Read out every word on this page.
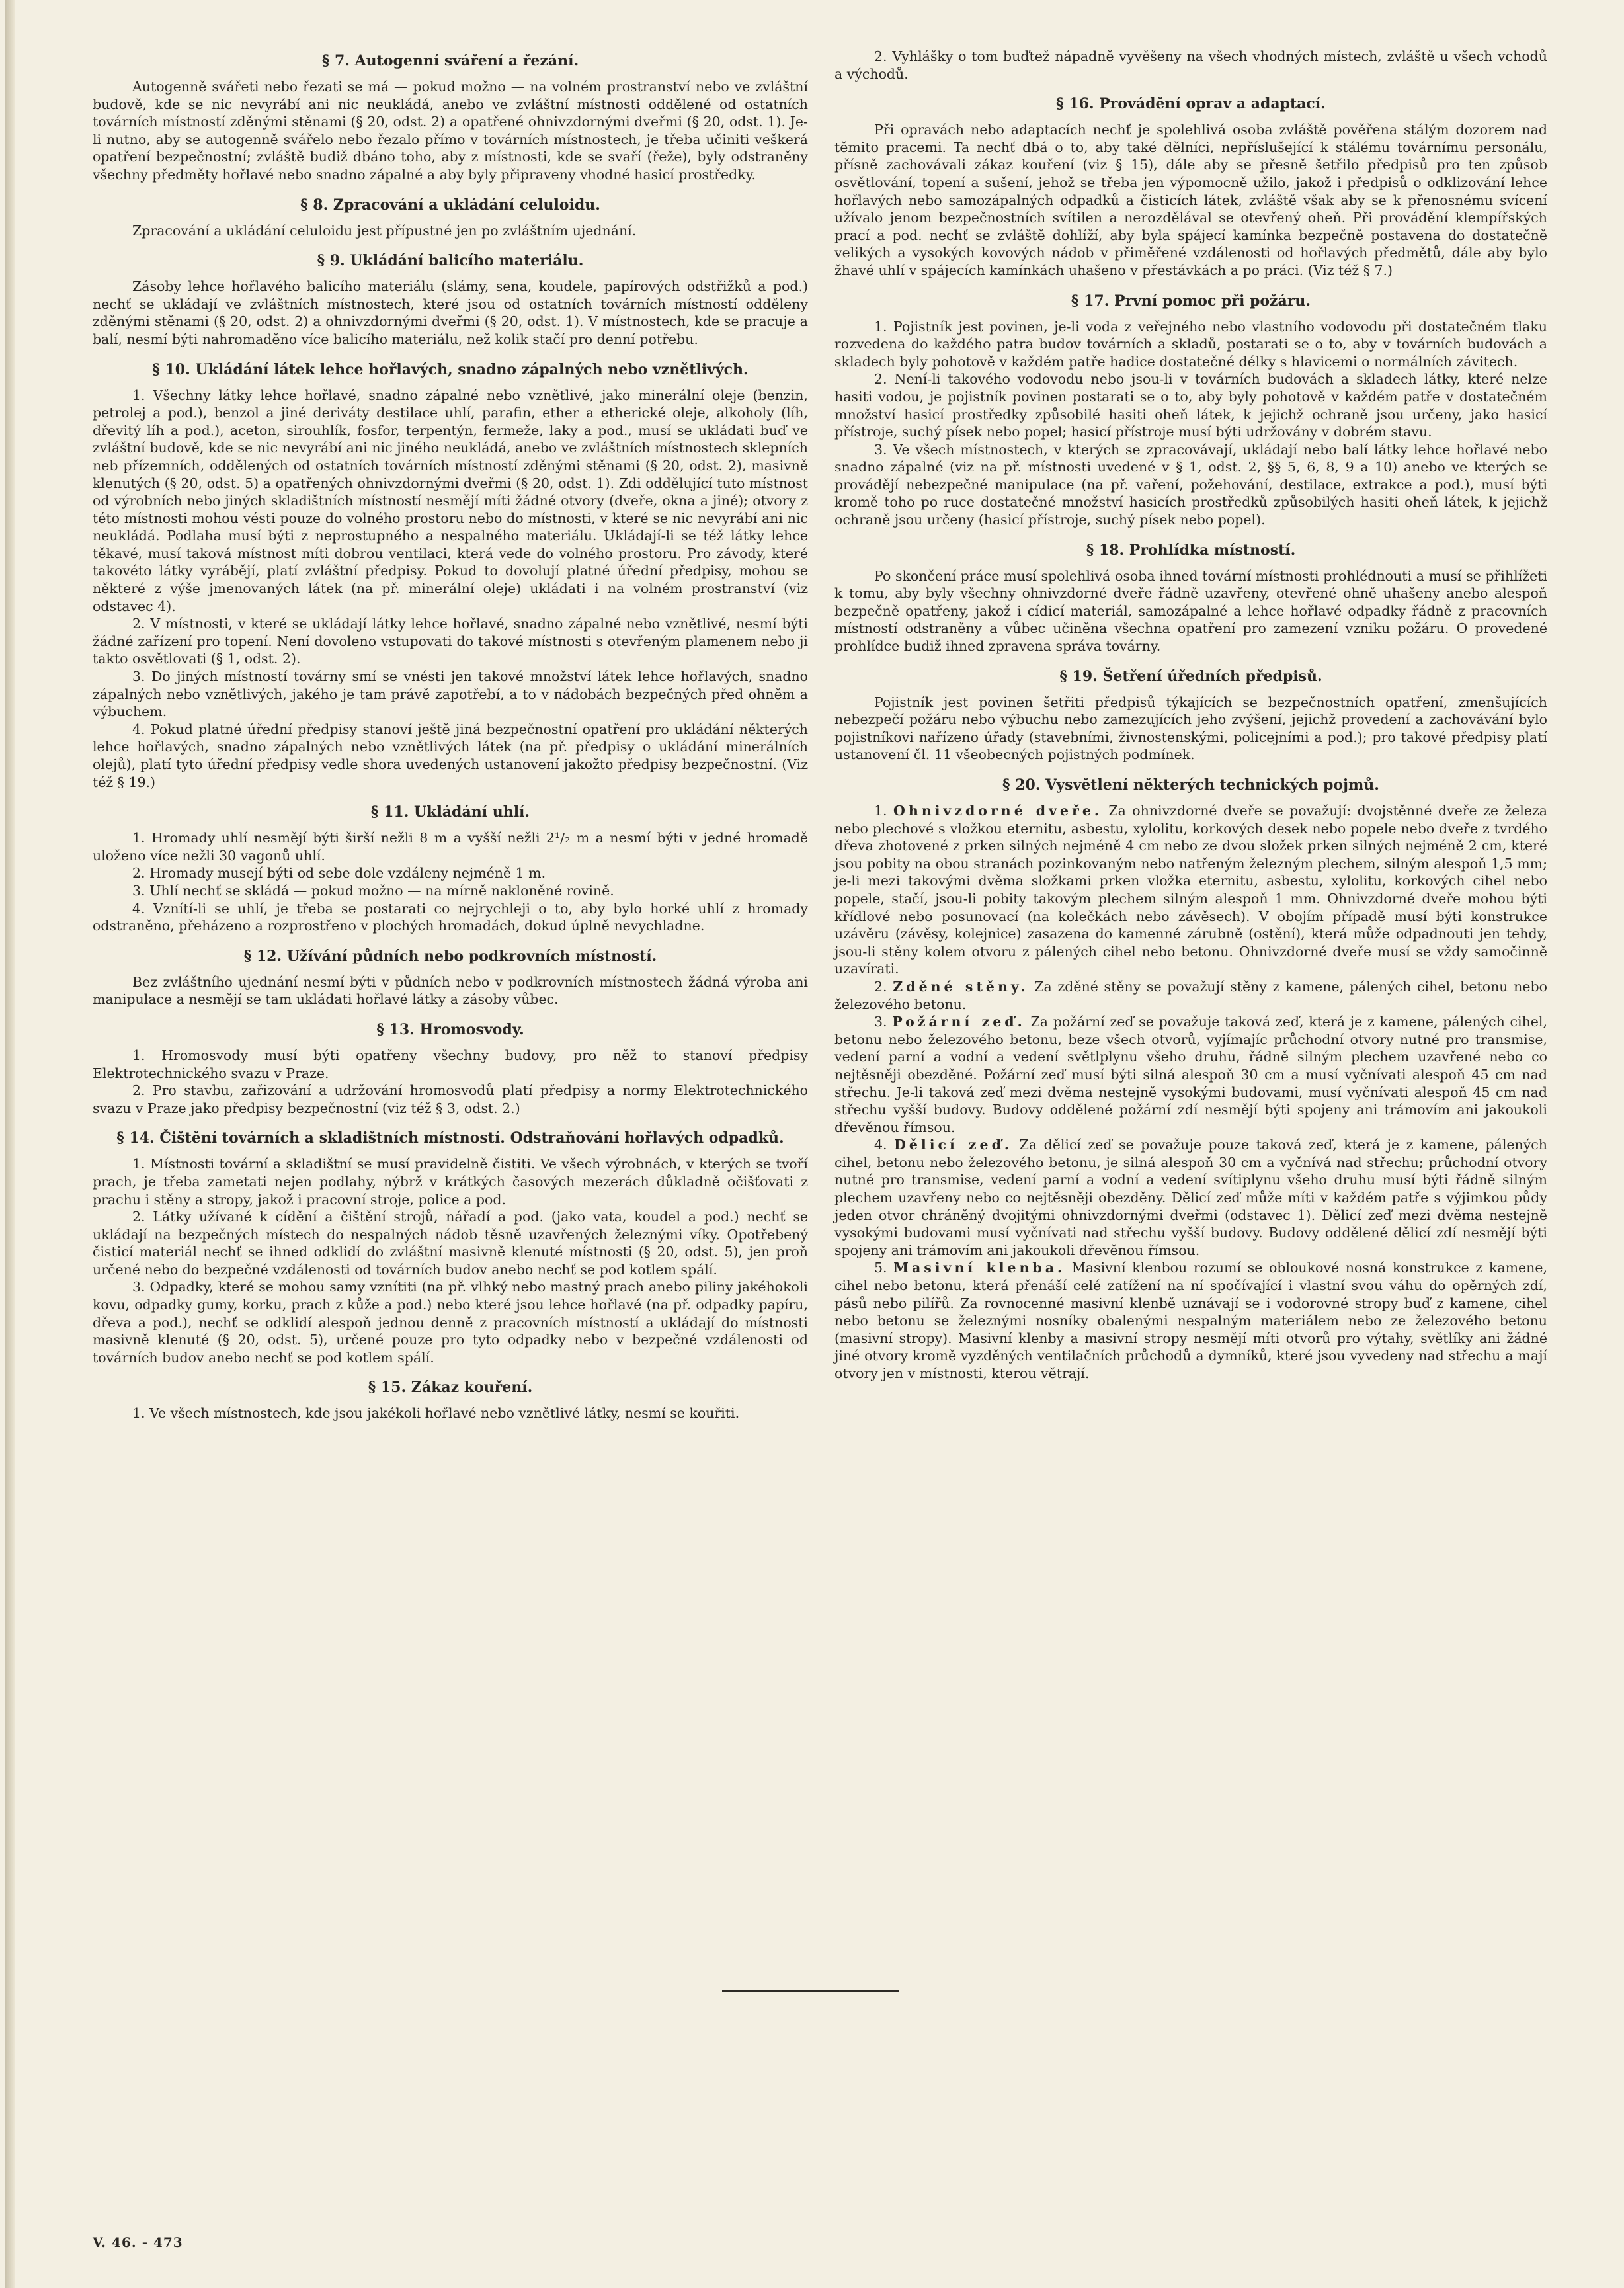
§ 7. Autogenní sváření a řezání.

Autogenně svářeti nebo řezati se má — pokud možno — na volném prostranství nebo ve zvláštní budově, kde se nic nevyrábí ani nic neukládá, anebo ve zvláštní místnosti oddělené od ostatních továrních místností zděnými stěnami (§ 20, odst. 2) a opatřené ohnivzdornými dveřmi (§ 20, odst. 1). Je-li nutno, aby se autogenně svářelo nebo řezalo přímo v továrních místnostech, je třeba učiniti veškerá opatření bezpečnostní; zvláště budiž dbáno toho, aby z místnosti, kde se svaří (řeže), byly odstraněny všechny předměty hořlavé nebo snadno zápalné a aby byly připraveny vhodné hasicí prostředky.

§ 8. Zpracování a ukládání celuloidu.

Zpracování a ukládání celuloidu jest přípustné jen po zvláštním ujednání.

§ 9. Ukládání balicího materiálu.

Zásoby lehce hořlavého balicího materiálu (slámy, sena, koudele, papírových odstřižků a pod.) nechť se ukládají ve zvláštních místnostech, které jsou od ostatních továrních místností odděleny zděnými stěnami (§ 20, odst. 2) a ohnivzdornými dveřmi (§ 20, odst. 1). V místnostech, kde se pracuje a balí, nesmí býti nahromaděno více balicího materiálu, než kolik stačí pro denní potřebu.

§ 10. Ukládání látek lehce hořlavých, snadno zápalných nebo vznětlivých.

1. Všechny látky lehce hořlavé, snadno zápalné nebo vznětlivé, jako minerální oleje (benzin, petrolej a pod.), benzol a jiné deriváty destilace uhlí, parafin, ether a etherické oleje, alkoholy (líh, dřevitý líh a pod.), aceton, sirouhlík, fosfor, terpentýn, fermeže, laky a pod., musí se ukládati buď ve zvláštní budově, kde se nic nevyrábí ani nic jiného neukládá, anebo ve zvláštních místnostech sklepních neb přízemních, oddělených od ostatních továrních místností zděnými stěnami (§ 20, odst. 2), masivně klenutých (§ 20, odst. 5) a opatřených ohnivzdornými dveřmi (§ 20, odst. 1). Zdi oddělující tuto místnost od výrobních nebo jiných skladištních místností nesmějí míti žádné otvory (dveře, okna a jiné); otvory z této místnosti mohou vésti pouze do volného prostoru nebo do místnosti, v které se nic nevyrábí ani nic neukládá. Podlaha musí býti z neprostupného a nespalného materiálu. Ukládají-li se též látky lehce těkavé, musí taková místnost míti dobrou ventilaci, která vede do volného prostoru. Pro závody, které takovéto látky vyrábějí, platí zvláštní předpisy. Pokud to dovolují platné úřední předpisy, mohou se některé z výše jmenovaných látek (na př. minerální oleje) ukládati i na volném prostranství (viz odstavec 4).

2. V místnosti, v které se ukládají látky lehce hořlavé, snadno zápalné nebo vznětlivé, nesmí býti žádné zařízení pro topení. Není dovoleno vstupovati do takové místnosti s otevřeným plamenem nebo ji takto osvětlovati (§ 1, odst. 2).

3. Do jiných místností továrny smí se vnésti jen takové množství látek lehce hořlavých, snadno zápalných nebo vznětlivých, jakého je tam právě zapotřebí, a to v nádobách bezpečných před ohněm a výbuchem.

4. Pokud platné úřední předpisy stanoví ještě jiná bezpečnostní opatření pro ukládání některých lehce hořlavých, snadno zápalných nebo vznětlivých látek (na př. předpisy o ukládání minerálních olejů), platí tyto úřední předpisy vedle shora uvedených ustanovení jakožto předpisy bezpečnostní. (Viz též § 19.)

§ 11. Ukládání uhlí.

1. Hromady uhlí nesmějí býti širší nežli 8 m a vyšší nežli 2¹/₂ m a nesmí býti v jedné hromadě uloženo více nežli 30 vagonů uhlí.

2. Hromady musejí býti od sebe dole vzdáleny nejméně 1 m.

3. Uhlí nechť se skládá — pokud možno — na mírně nakloněné rovině.

4. Vznítí-li se uhlí, je třeba se postarati co nejrychleji o to, aby bylo horké uhlí z hromady odstraněno, přeházeno a rozprostřeno v plochých hromadách, dokud úplně nevychladne.

§ 12. Užívání půdních nebo podkrovních místností.

Bez zvláštního ujednání nesmí býti v půdních nebo v podkrovních místnostech žádná výroba ani manipulace a nesmějí se tam ukládati hořlavé látky a zásoby vůbec.

§ 13. Hromosvody.

1. Hromosvody musí býti opatřeny všechny budovy, pro něž to stanoví předpisy Elektrotechnického svazu v Praze.

2. Pro stavbu, zařizování a udržování hromosvodů platí předpisy a normy Elektrotechnického svazu v Praze jako předpisy bezpečnostní (viz též § 3, odst. 2.)

§ 14. Čištění továrních a skladištních místností. Odstraňování hořlavých odpadků.

1. Místnosti tovární a skladištní se musí pravidelně čistiti. Ve všech výrobnách, v kterých se tvoří prach, je třeba zametati nejen podlahy, nýbrž v krátkých časových mezerách důkladně očišťovati z prachu i stěny a stropy, jakož i pracovní stroje, police a pod.

2. Látky užívané k cídění a čištění strojů, nářadí a pod. (jako vata, koudel a pod.) nechť se ukládají na bezpečných místech do nespalných nádob těsně uzavřených železnými víky. Opotřebený čisticí materiál nechť se ihned odklidí do zvláštní masivně klenuté místnosti (§ 20, odst. 5), jen proň určené nebo do bezpečné vzdálenosti od továrních budov anebo nechť se pod kotlem spálí.

3. Odpadky, které se mohou samy vznítiti (na př. vlhký nebo mastný prach anebo piliny jakéhokoli kovu, odpadky gumy, korku, prach z kůže a pod.) nebo které jsou lehce hořlavé (na př. odpadky papíru, dřeva a pod.), nechť se odklidí alespoň jednou denně z pracovních místností a ukládají do místnosti masivně klenuté (§ 20, odst. 5), určené pouze pro tyto odpadky nebo v bezpečné vzdálenosti od továrních budov anebo nechť se pod kotlem spálí.

§ 15. Zákaz kouření.

1. Ve všech místnostech, kde jsou jakékoli hořlavé nebo vznětlivé látky, nesmí se kouřiti.

2. Vyhlášky o tom buďtež nápadně vyvěšeny na všech vhodných místech, zvláště u všech vchodů a východů.

§ 16. Provádění oprav a adaptací.

Při opravách nebo adaptacích nechť je spolehlivá osoba zvláště pověřena stálým dozorem nad těmito pracemi. Ta nechť dbá o to, aby také dělníci, nepříslušející k stálému továrnímu personálu, přísně zachovávali zákaz kouření (viz § 15), dále aby se přesně šetřilo předpisů pro ten způsob osvětlování, topení a sušení, jehož se třeba jen výpomocně užilo, jakož i předpisů o odklizování lehce hořlavých nebo samozápalných odpadků a čisticích látek, zvláště však aby se k přenosnému svícení užívalo jenom bezpečnostních svítilen a nerozdělával se otevřený oheň. Při provádění klempířských prací a pod. nechť se zvláště dohlíží, aby byla spájecí kamínka bezpečně postavena do dostatečně velikých a vysokých kovových nádob v přiměřené vzdálenosti od hořlavých předmětů, dále aby bylo žhavé uhlí v spájecích kamínkách uhašeno v přestávkách a po práci. (Viz též § 7.)

§ 17. První pomoc při požáru.

1. Pojistník jest povinen, je-li voda z veřejného nebo vlastního vodovodu při dostatečném tlaku rozvedena do každého patra budov továrních a skladů, postarati se o to, aby v továrních budovách a skladech byly pohotově v každém patře hadice dostatečné délky s hlavicemi o normálních závitech.

2. Není-li takového vodovodu nebo jsou-li v továrních budovách a skladech látky, které nelze hasiti vodou, je pojistník povinen postarati se o to, aby byly pohotově v každém patře v dostatečném množství hasicí prostředky způsobilé hasiti oheň látek, k jejichž ochraně jsou určeny, jako hasicí přístroje, suchý písek nebo popel; hasicí přístroje musí býti udržovány v dobrém stavu.

3. Ve všech místnostech, v kterých se zpracovávají, ukládají nebo balí látky lehce hořlavé nebo snadno zápalné (viz na př. místnosti uvedené v § 1, odst. 2, §§ 5, 6, 8, 9 a 10) anebo ve kterých se provádějí nebezpečné manipulace (na př. vaření, požehování, destilace, extrakce a pod.), musí býti kromě toho po ruce dostatečné množství hasicích prostředků způsobilých hasiti oheň látek, k jejichž ochraně jsou určeny (hasicí přístroje, suchý písek nebo popel).

§ 18. Prohlídka místností.

Po skončení práce musí spolehlivá osoba ihned tovární místnosti prohlédnouti a musí se přihlížeti k tomu, aby byly všechny ohnivzdorné dveře řádně uzavřeny, otevřené ohně uhašeny anebo alespoň bezpečně opatřeny, jakož i cídicí materiál, samozápalné a lehce hořlavé odpadky řádně z pracovních místností odstraněny a vůbec učiněna všechna opatření pro zamezení vzniku požáru. O provedené prohlídce budiž ihned zpravena správa továrny.

§ 19. Šetření úředních předpisů.

Pojistník jest povinen šetřiti předpisů týkajících se bezpečnostních opatření, zmenšujících nebezpečí požáru nebo výbuchu nebo zamezujících jeho zvýšení, jejichž provedení a zachovávání bylo pojistníkovi nařízeno úřady (stavebními, živnostenskými, policejními a pod.); pro takové předpisy platí ustanovení čl. 11 všeobecných pojistných podmínek.

§ 20. Vysvětlení některých technických pojmů.

1. Ohnivzdorné dveře. Za ohnivzdorné dveře se považují: dvojstěnné dveře ze železa nebo plechové s vložkou eternitu, asbestu, xylolitu, korkových desek nebo popele nebo dveře z tvrdého dřeva zhotovené z prken silných nejméně 4 cm nebo ze dvou složek prken silných nejméně 2 cm, které jsou pobity na obou stranách pozinkovaným nebo natřeným železným plechem, silným alespoň 1,5 mm; je-li mezi takovými dvěma složkami prken vložka eternitu, asbestu, xylolitu, korkových cihel nebo popele, stačí, jsou-li pobity takovým plechem silným alespoň 1 mm. Ohnivzdorné dveře mohou býti křídlové nebo posunovací (na kolečkách nebo závěsech). V obojím případě musí býti konstrukce uzávěru (závěsy, kolejnice) zasazena do kamenné zárubně (ostění), která může odpadnouti jen tehdy, jsou-li stěny kolem otvoru z pálených cihel nebo betonu. Ohnivzdorné dveře musí se vždy samočinně uzavírati.

2. Zděné stěny. Za zděné stěny se považují stěny z kamene, pálených cihel, betonu nebo železového betonu.

3. Požární zeď. Za požární zeď se považuje taková zeď, která je z kamene, pálených cihel, betonu nebo železového betonu, beze všech otvorů, vyjímajíc průchodní otvory nutné pro transmise, vedení parní a vodní a vedení světlplynu všeho druhu, řádně silným plechem uzavřené nebo co nejtěsněji obezděné. Požární zeď musí býti silná alespoň 30 cm a musí vyčnívati alespoň 45 cm nad střechu. Je-li taková zeď mezi dvěma nestejně vysokými budovami, musí vyčnívati alespoň 45 cm nad střechu vyšší budovy. Budovy oddělené požární zdí nesmějí býti spojeny ani trámovím ani jakoukoli dřevěnou římsou.

4. Dělicí zeď. Za dělicí zeď se považuje pouze taková zeď, která je z kamene, pálených cihel, betonu nebo železového betonu, je silná alespoň 30 cm a vyčnívá nad střechu; průchodní otvory nutné pro transmise, vedení parní a vodní a vedení svítiplynu všeho druhu musí býti řádně silným plechem uzavřeny nebo co nejtěsněji obezděny. Dělicí zeď může míti v každém patře s výjimkou půdy jeden otvor chráněný dvojitými ohnivzdornými dveřmi (odstavec 1). Dělicí zeď mezi dvěma nestejně vysokými budovami musí vyčnívati nad střechu vyšší budovy. Budovy oddělené dělicí zdí nesmějí býti spojeny ani trámovím ani jakoukoli dřevěnou římsou.

5. Masivní klenba. Masivní klenbou rozumí se obloukové nosná konstrukce z kamene, cihel nebo betonu, která přenáší celé zatížení na ní spočívající i vlastní svou váhu do opěrných zdí, pásů nebo pilířů. Za rovnocenné masivní klenbě uznávají se i vodorovné stropy buď z kamene, cihel nebo betonu se železnými nosníky obalenými nespalným materiálem nebo ze železového betonu (masivní stropy). Masivní klenby a masivní stropy nesmějí míti otvorů pro výtahy, světlíky ani žádné jiné otvory kromě vyzděných ventilačních průchodů a dymníků, které jsou vyvedeny nad střechu a mají otvory jen v místnosti, kterou větrají.

V. 46. - 473
